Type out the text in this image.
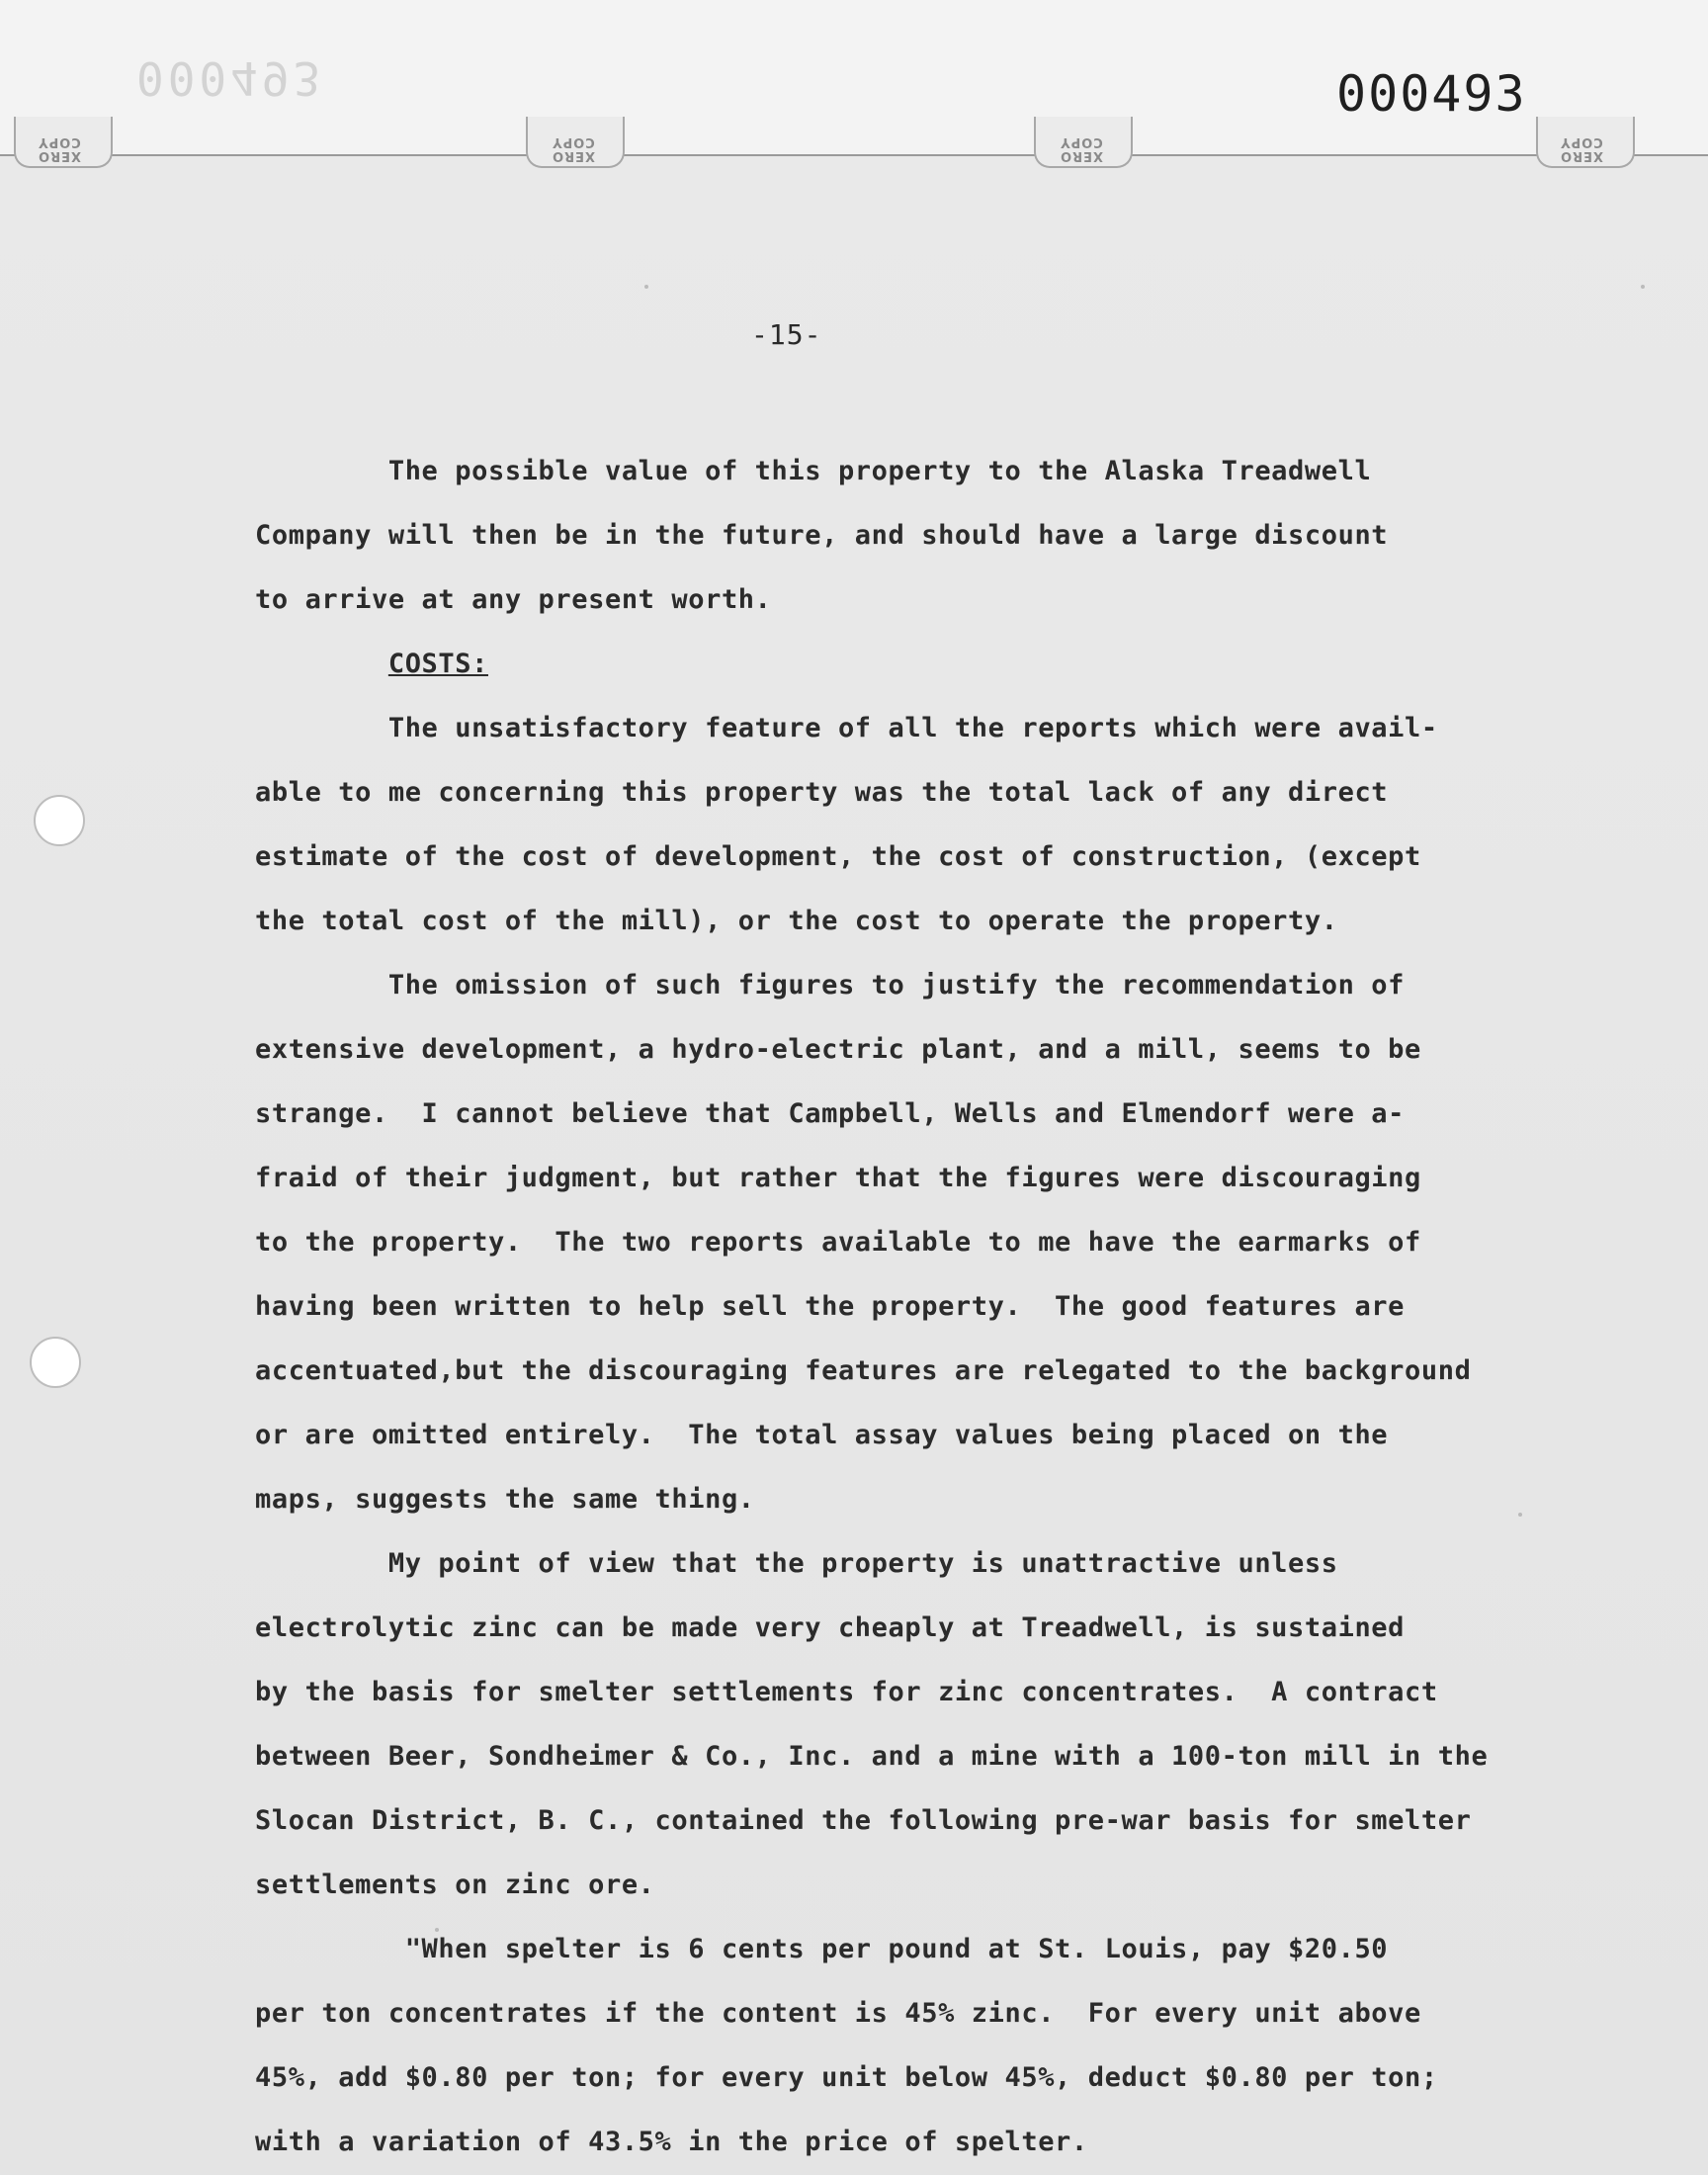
000493	000493
XERO
COPY
XERO
COPY
XERO
COPY
XERO
COPY
-15-
The possible value of this property to the Alaska Treadwell
Company will then be in the future, and should have a large discount
to arrive at any present worth.
COSTS:
The unsatisfactory feature of all the reports which were avail-
able to me concerning this property was the total lack of any direct
estimate of the cost of development, the cost of construction, (except
the total cost of the mill), or the cost to operate the property.
The omission of such figures to justify the recommendation of
extensive development, a hydro-electric plant, and a mill, seems to be
strange.  I cannot believe that Campbell, Wells and Elmendorf were a-
fraid of their judgment, but rather that the figures were discouraging
to the property.  The two reports available to me have the earmarks of
having been written to help sell the property.  The good features are
accentuated,but the discouraging features are relegated to the background
or are omitted entirely.  The total assay values being placed on the
maps, suggests the same thing.
My point of view that the property is unattractive unless
electrolytic zinc can be made very cheaply at Treadwell, is sustained
by the basis for smelter settlements for zinc concentrates.  A contract
between Beer, Sondheimer & Co., Inc. and a mine with a 100-ton mill in the
Slocan District, B. C., contained the following pre-war basis for smelter
settlements on zinc ore.
"When spelter is 6 cents per pound at St. Louis, pay $20.50
per ton concentrates if the content is 45% zinc.  For every unit above
45%, add $0.80 per ton; for every unit below 45%, deduct $0.80 per ton;
with a variation of 43.5% in the price of spelter.
